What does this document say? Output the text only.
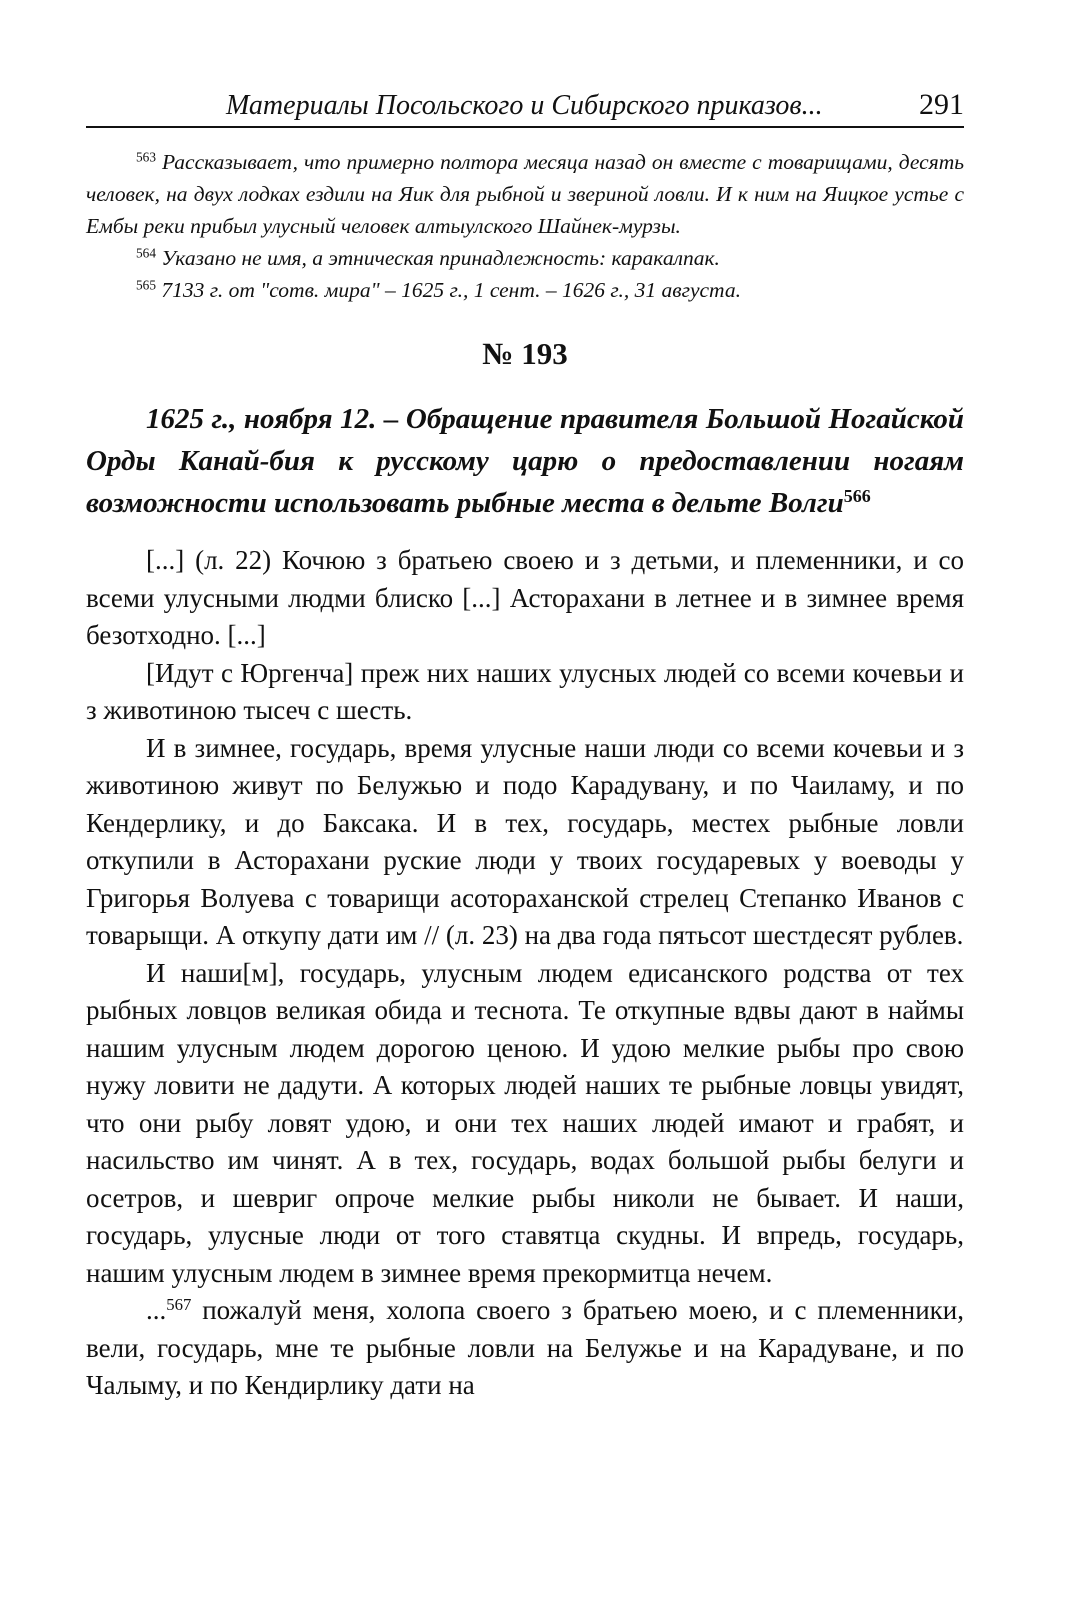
Материалы Посольского и Сибирского приказов...	291

$^{563}$ Рассказывает, что примерно полтора месяца назад он вместе с товарищами, десять человек, на двух лодках ездили на Яик для рыбной и звериной ловли. И к ним на Яицкое устье с Ембы реки прибыл улусный человек алтыулского Шайнек-мурзы.

$^{564}$ Указано не имя, а этническая принадлежность: каракалпак.

$^{565}$ 7133 г. от "сотв. мира" – 1625 г., 1 сент. – 1626 г., 31 августа.

№ 193
1625 г., ноября 12. – Обращение правителя Большой Ногайской Орды Канай-бия к русскому царю о предоставлении ногаям возможности использовать рыбные места в дельте Волги$^{566}$

[...] (л. 22) Кочюю з братьею своею и з детьми, и племенники, и со всеми улусными людми блиско [...] Асторахани в летнее и в зимнее время безотходно. [...]

[Идут с Юргенча] преж них наших улусных людей со всеми кочевьи и з животиною тысеч с шесть.

И в зимнее, государь, время улусные наши люди со всеми кочевьи и з животиною живут по Белужью и подо Карадувану, и по Чаиламу, и по Кендерлику, и до Баксака. И в тех, государь, местех рыбные ловли откупили в Асторахани руские люди у твоих государевых у воеводы у Григорья Волуева с товарищи асотораханской стрелец Степанко Иванов с товарыщи. А откупу дати им // (л. 23) на два года пятьсот шестдесят рублев.

И наши[м], государь, улусным людем едисанского родства от тех рыбных ловцов великая обида и теснота. Те откупные вдвы дают в наймы нашим улусным людем дорогою ценою. И удою мелкие рыбы про свою нужу ловити не дадути. А которых людей наших те рыбные ловцы увидят, что они рыбу ловят удою, и они тех наших людей имают и грабят, и насильство им чинят. А в тех, государь, водах большой рыбы белуги и осетров, и шевриг опроче мелкие рыбы николи не бывает. И наши, государь, улусные люди от того ставятца скудны. И впредь, государь, нашим улусным людем в зимнее время прекормитца нечем.

...$^{567}$ пожалуй меня, холопа своего з братьею моею, и с племенники, вели, государь, мне те рыбные ловли на Белужье и на Карадуване, и по Чалыму, и по Кендирлику дати на
